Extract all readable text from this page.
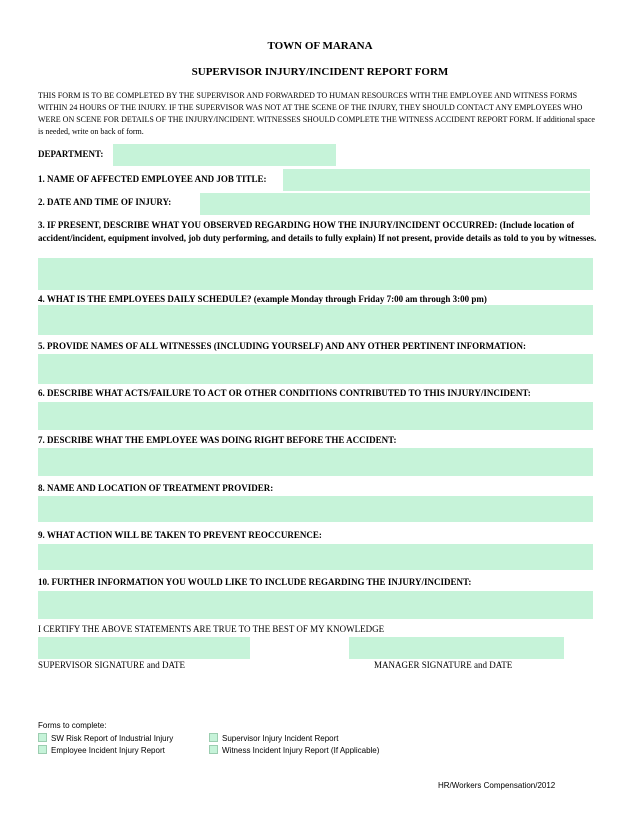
TOWN OF MARANA
SUPERVISOR INJURY/INCIDENT REPORT FORM
THIS FORM IS TO BE COMPLETED BY THE SUPERVISOR AND FORWARDED TO HUMAN RESOURCES WITH THE EMPLOYEE AND WITNESS FORMS WITHIN 24 HOURS OF THE INJURY. IF THE SUPERVISOR WAS NOT AT THE SCENE OF THE INJURY, THEY SHOULD CONTACT ANY EMPLOYEES WHO WERE ON SCENE FOR DETAILS OF THE INJURY/INCIDENT. WITNESSES SHOULD COMPLETE THE WITNESS ACCIDENT REPORT FORM. If additional space is needed, write on back of form.
DEPARTMENT:
1. NAME OF AFFECTED EMPLOYEE AND JOB TITLE:
2. DATE AND TIME OF INJURY:
3. IF PRESENT, DESCRIBE WHAT YOU OBSERVED REGARDING HOW THE INJURY/INCIDENT OCCURRED: (Include location of accident/incident, equipment involved, job duty performing, and details to fully explain) If not present, provide details as told to you by witnesses.
4. WHAT IS THE EMPLOYEES DAILY SCHEDULE? (example Monday through Friday 7:00 am through 3:00 pm)
5. PROVIDE NAMES OF ALL WITNESSES (INCLUDING YOURSELF) AND ANY OTHER PERTINENT INFORMATION:
6. DESCRIBE WHAT ACTS/FAILURE TO ACT OR OTHER CONDITIONS CONTRIBUTED TO THIS INJURY/INCIDENT:
7. DESCRIBE WHAT THE EMPLOYEE WAS DOING RIGHT BEFORE THE ACCIDENT:
8. NAME AND LOCATION OF TREATMENT PROVIDER:
9. WHAT ACTION WILL BE TAKEN TO PREVENT REOCCURENCE:
10. FURTHER INFORMATION YOU WOULD LIKE TO INCLUDE REGARDING THE INJURY/INCIDENT:
I CERTIFY THE ABOVE STATEMENTS ARE TRUE TO THE BEST OF MY KNOWLEDGE
SUPERVISOR SIGNATURE and DATE	MANAGER SIGNATURE and DATE
Forms to complete:
SW Risk Report of Industrial Injury
Employee Incident Injury Report
Supervisor Injury Incident Report
Witness Incident Injury Report (If Applicable)
HR/Workers Compensation/2012
